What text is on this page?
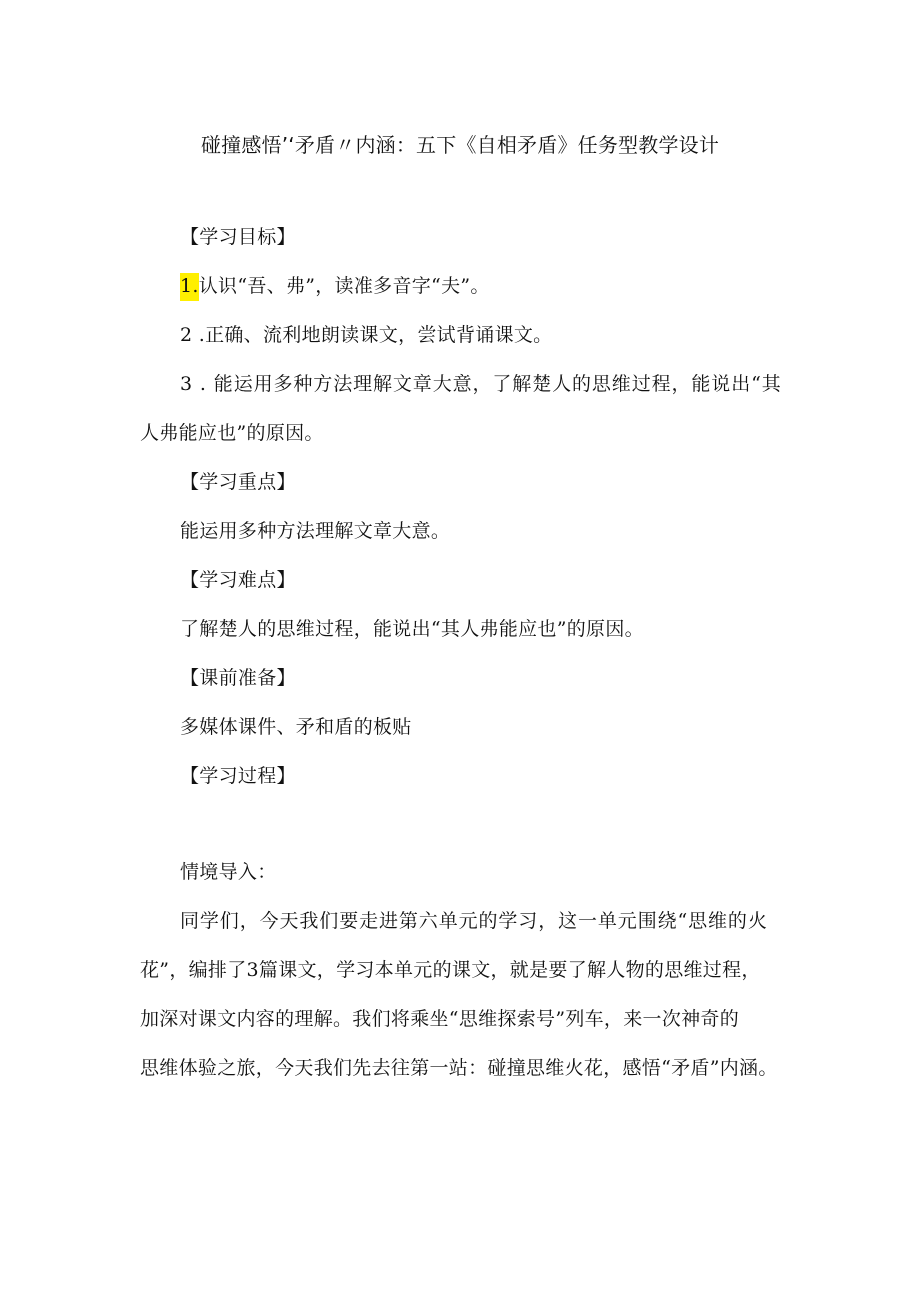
碰撞感悟’‘矛盾〃内涵：五下《自相矛盾》任务型教学设计
【学习目标】
1.认识“吾、弗”，读准多音字“夫”。
2 .正确、流利地朗读课文，尝试背诵课文。
3 . 能运用多种方法理解文章大意，了解楚人的思维过程，能说出“其
人弗能应也”的原因。
【学习重点】
能运用多种方法理解文章大意。
【学习难点】
了解楚人的思维过程，能说出“其人弗能应也”的原因。
【课前准备】
多媒体课件、矛和盾的板贴
【学习过程】
情境导入：
同学们，今天我们要走进第六单元的学习，这一单元围绕“思维的火
花”，编排了3篇课文，学习本单元的课文，就是要了解人物的思维过程，
加深对课文内容的理解。我们将乘坐“思维探索号”列车，来一次神奇的
思维体验之旅，今天我们先去往第一站：碰撞思维火花，感悟“矛盾”内涵。
